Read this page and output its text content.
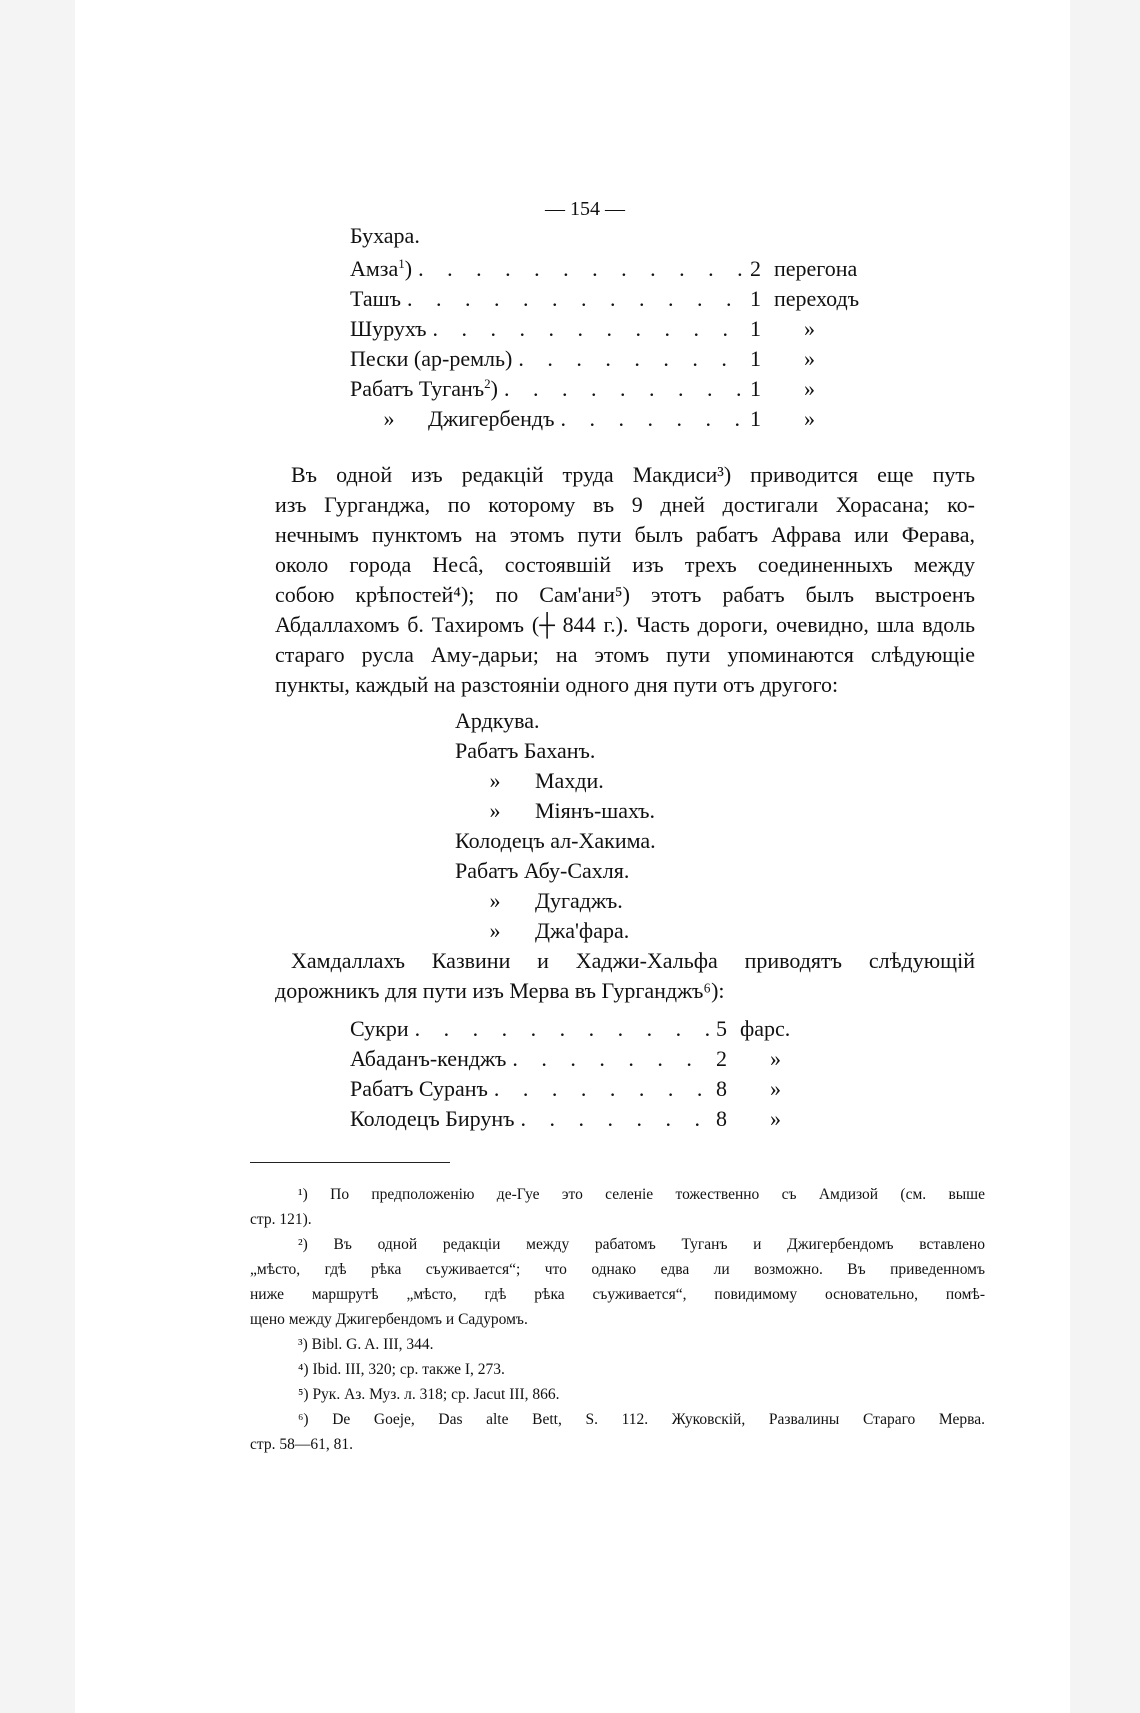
— 154 —
Бухара.
Амза$^1$) . . .	2 перегона
Ташъ . . .	1 переходъ
Шурухъ . . .	1	»
Пески (ар-ремль) . . .	1	»
Рабатъ Туганъ$^2$) . . .	1	»
» Джигербендъ . . .	1	»
Въ одной изъ редакцій труда Макдиси³) приводится еще путь
изъ Гурганджа, по которому въ 9 дней достигали Хорасана; ко-
нечнымъ пунктомъ на этомъ пути былъ рабатъ Афрава или Ферава,
около города Несâ, состоявшій изъ трехъ соединенныхъ между
собою крѣпостей⁴); по Сам'ани⁵) этотъ рабатъ былъ выстроенъ
Абдаллахомъ б. Тахиромъ (┼ 844 г.). Часть дороги, очевидно, шла вдоль
стараго русла Аму-дарьи; на этомъ пути упоминаются слѣдующіе
пункты, каждый на разстояніи одного дня пути отъ другого:
Ардкува.
Рабатъ Баханъ.
» Махди.
» Міянъ-шахъ.
Колодецъ ал-Хакима.
Рабатъ Абу-Сахля.
» Дугаджъ.
» Джа'фара.
Хамдаллахъ Казвини и Хаджи-Хальфа приводятъ слѣдующій
дорожникъ для пути изъ Мерва въ Гурганджъ⁶):
Сукри . . .	5 фарс.
Абаданъ-кенджъ . . .	2	»
Рабатъ Суранъ . . .	8	»
Колодецъ Бирунъ . . .	8	»
¹) По предположенію де-Гуе это селеніе тожественно съ Амдизой (см. выше
стр. 121).
²) Въ одной редакціи между рабатомъ Туганъ и Джигербендомъ вставлено
„мѣсто, гдѣ рѣка съуживается“; что однако едва ли возможно. Въ приведенномъ
ниже маршрутѣ „мѣсто, гдѣ рѣка съуживается“, повидимому основательно, помѣ-
щено между Джигербендомъ и Садуромъ.
³) Bibl. G. A. III, 344.
⁴) Ibid. III, 320; ср. также I, 273.
⁵) Рук. Аз. Муз. л. 318; ср. Jacut III, 866.
⁶) De Goeje, Das alte Bett, S. 112. Жуковскій, Развалины Стараго Мерва.
стр. 58—61, 81.
